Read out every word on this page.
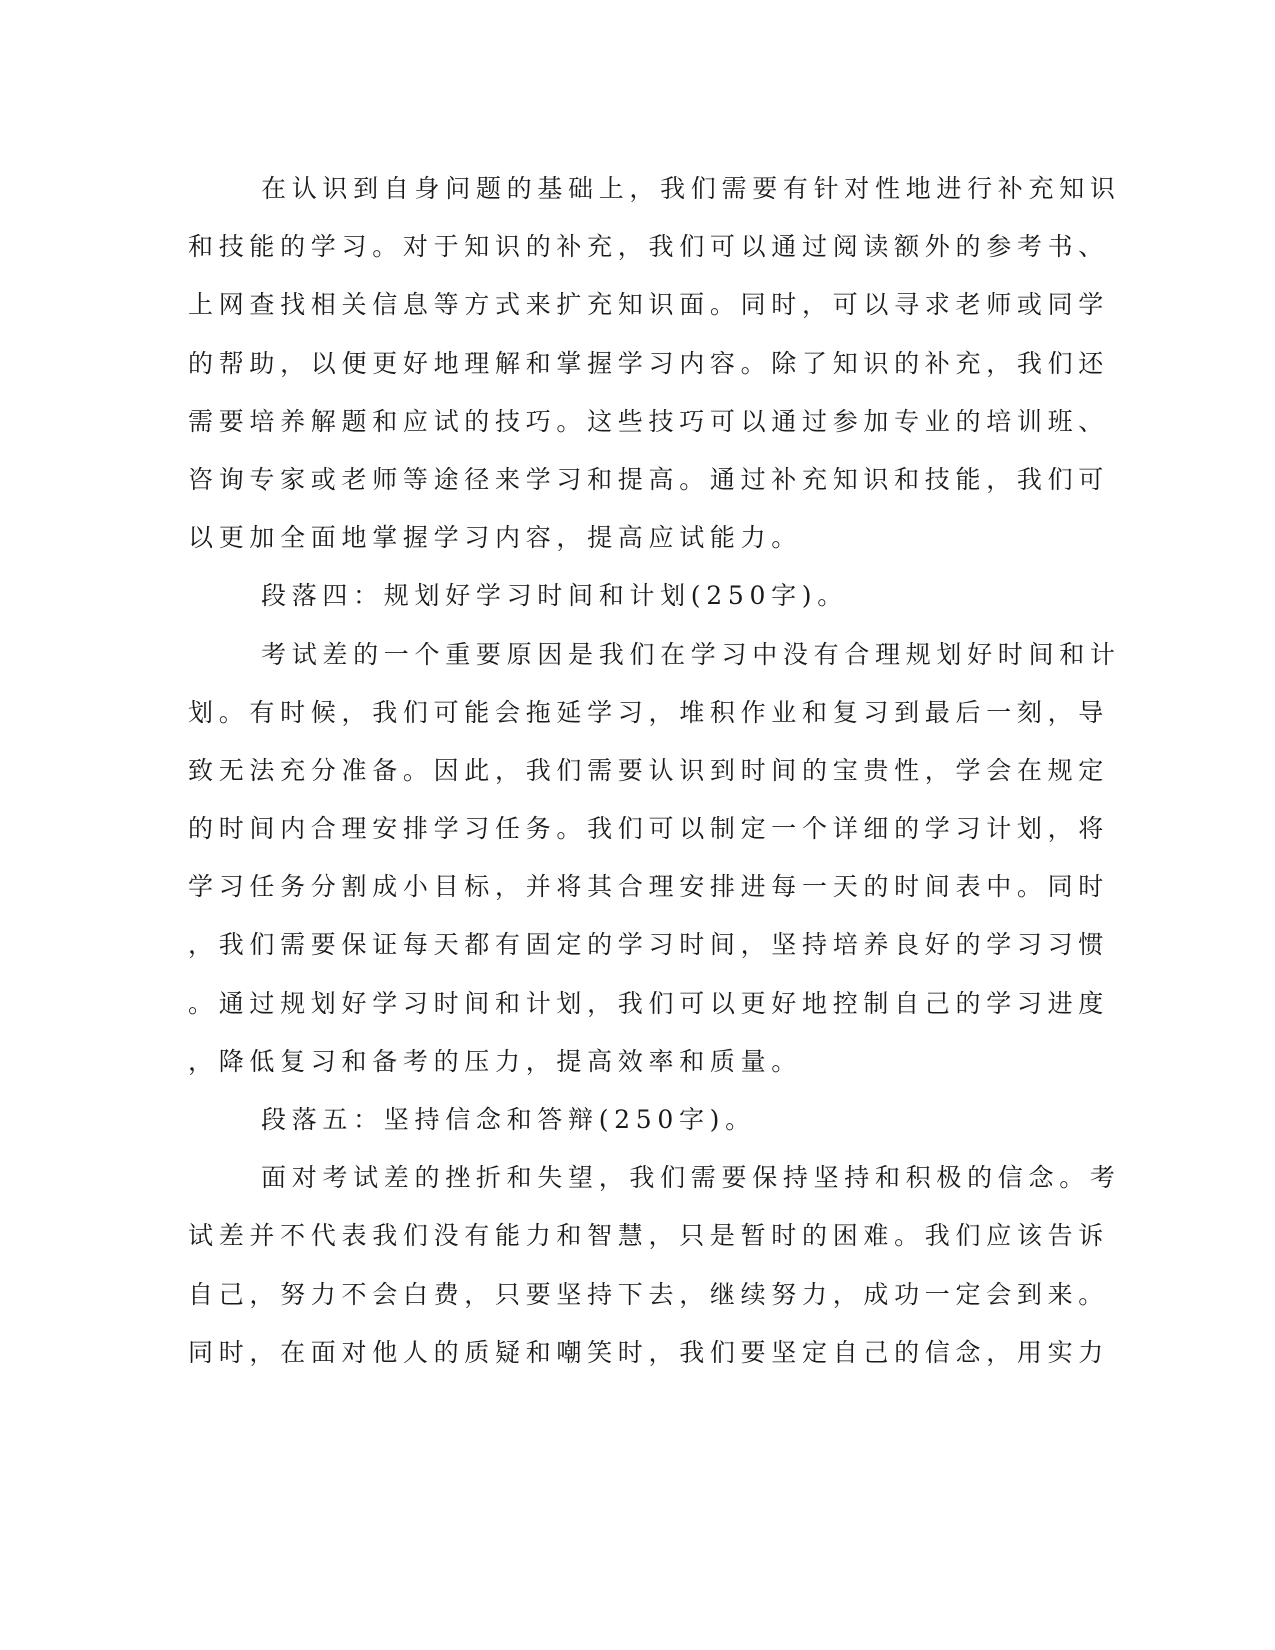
在认识到自身问题的基础上，我们需要有针对性地进行补充知识
和技能的学习。对于知识的补充，我们可以通过阅读额外的参考书、
上网查找相关信息等方式来扩充知识面。同时，可以寻求老师或同学
的帮助，以便更好地理解和掌握学习内容。除了知识的补充，我们还
需要培养解题和应试的技巧。这些技巧可以通过参加专业的培训班、
咨询专家或老师等途径来学习和提高。通过补充知识和技能，我们可
以更加全面地掌握学习内容，提高应试能力。
段落四：规划好学习时间和计划(250字)。
考试差的一个重要原因是我们在学习中没有合理规划好时间和计
划。有时候，我们可能会拖延学习，堆积作业和复习到最后一刻，导
致无法充分准备。因此，我们需要认识到时间的宝贵性，学会在规定
的时间内合理安排学习任务。我们可以制定一个详细的学习计划，将
学习任务分割成小目标，并将其合理安排进每一天的时间表中。同时
，我们需要保证每天都有固定的学习时间，坚持培养良好的学习习惯
。通过规划好学习时间和计划，我们可以更好地控制自己的学习进度
，降低复习和备考的压力，提高效率和质量。
段落五：坚持信念和答辩(250字)。
面对考试差的挫折和失望，我们需要保持坚持和积极的信念。考
试差并不代表我们没有能力和智慧，只是暂时的困难。我们应该告诉
自己，努力不会白费，只要坚持下去，继续努力，成功一定会到来。
同时，在面对他人的质疑和嘲笑时，我们要坚定自己的信念，用实力
